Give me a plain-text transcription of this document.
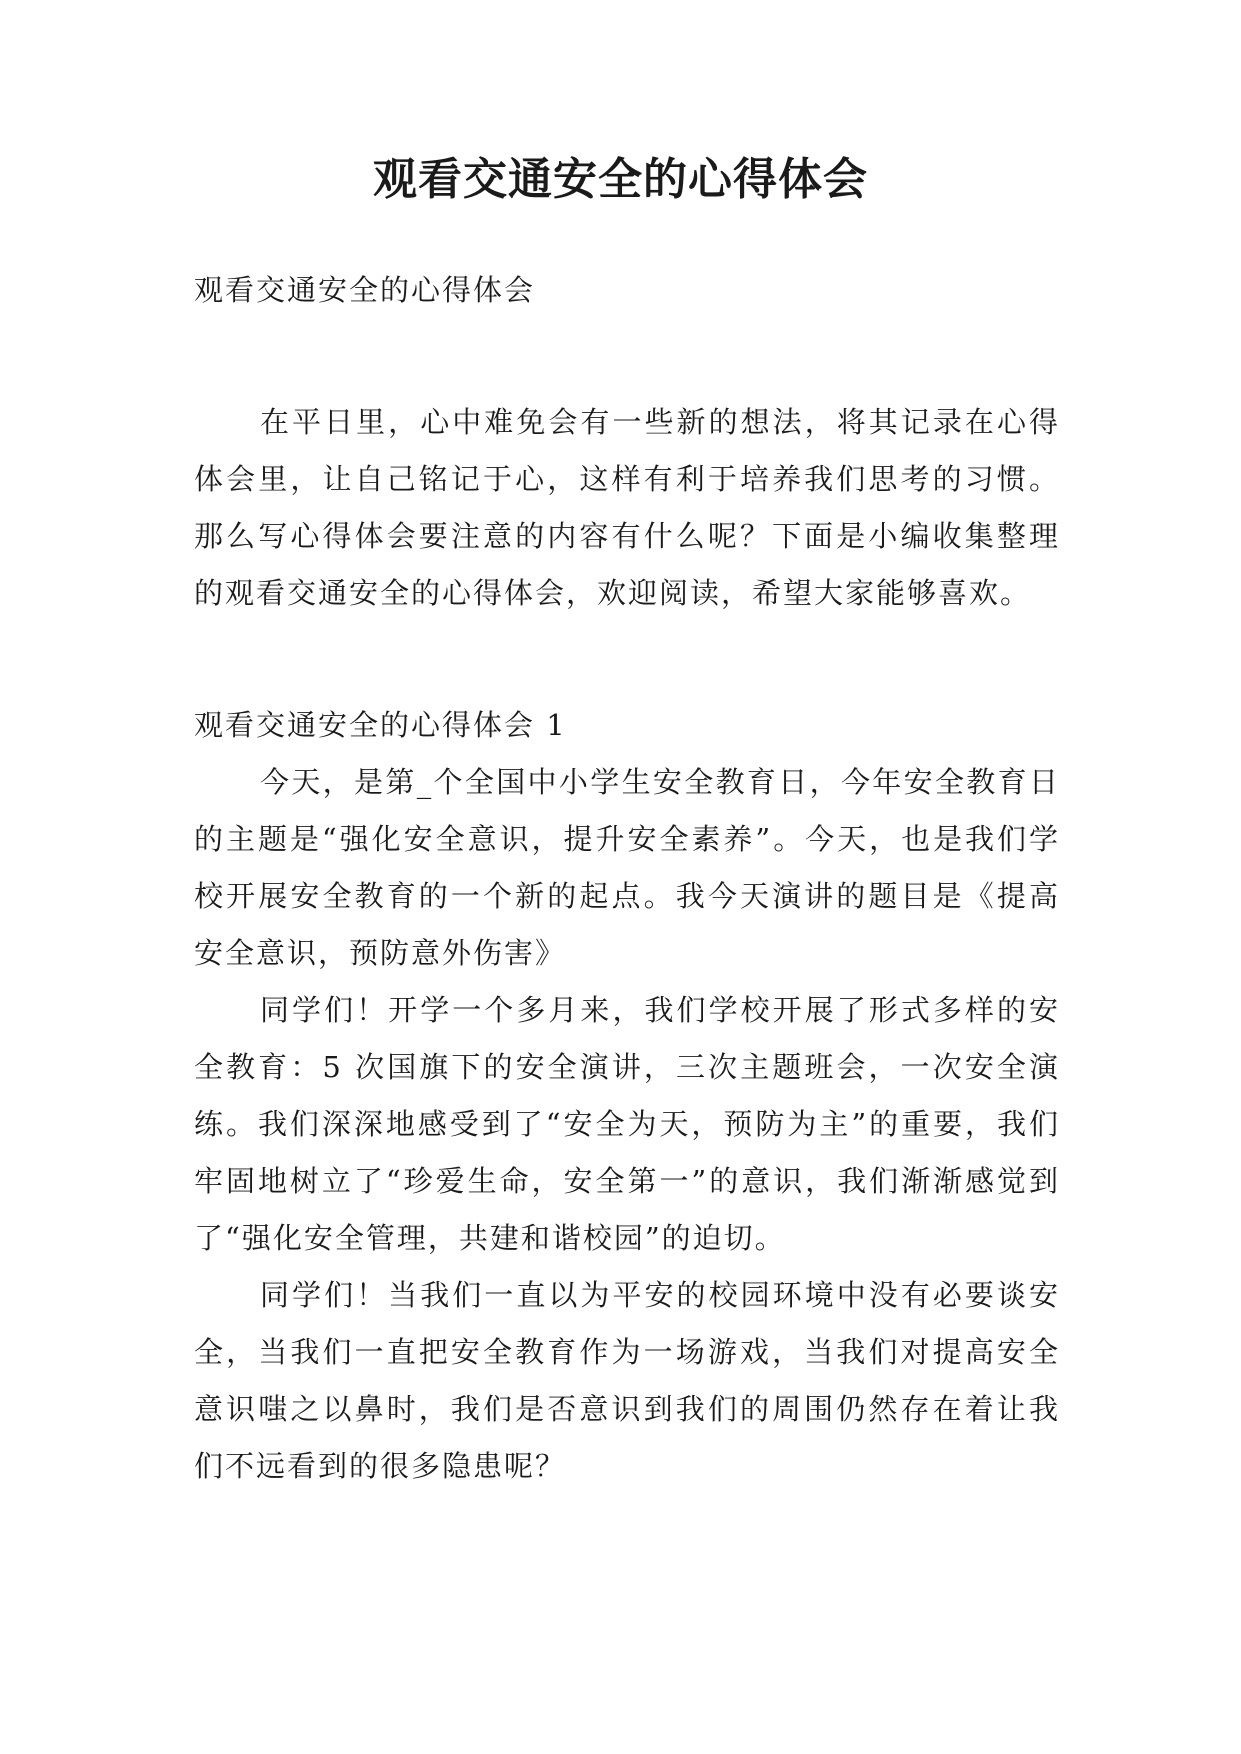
观看交通安全的心得体会
观看交通安全的心得体会

在平日里，心中难免会有一些新的想法，将其记录在心得体会里，让自己铭记于心，这样有利于培养我们思考的习惯。那么写心得体会要注意的内容有什么呢？下面是小编收集整理的观看交通安全的心得体会，欢迎阅读，希望大家能够喜欢。

观看交通安全的心得体会 1

今天，是第_个全国中小学生安全教育日，今年安全教育日的主题是“强化安全意识，提升安全素养”。今天，也是我们学校开展安全教育的一个新的起点。我今天演讲的题目是《提高安全意识，预防意外伤害》

同学们！开学一个多月来，我们学校开展了形式多样的安全教育：5 次国旗下的安全演讲，三次主题班会，一次安全演练。我们深深地感受到了“安全为天，预防为主”的重要，我们牢固地树立了“珍爱生命，安全第一”的意识，我们渐渐感觉到了“强化安全管理，共建和谐校园”的迫切。

同学们！当我们一直以为平安的校园环境中没有必要谈安全，当我们一直把安全教育作为一场游戏，当我们对提高安全意识嗤之以鼻时，我们是否意识到我们的周围仍然存在着让我们不远看到的很多隐患呢？
